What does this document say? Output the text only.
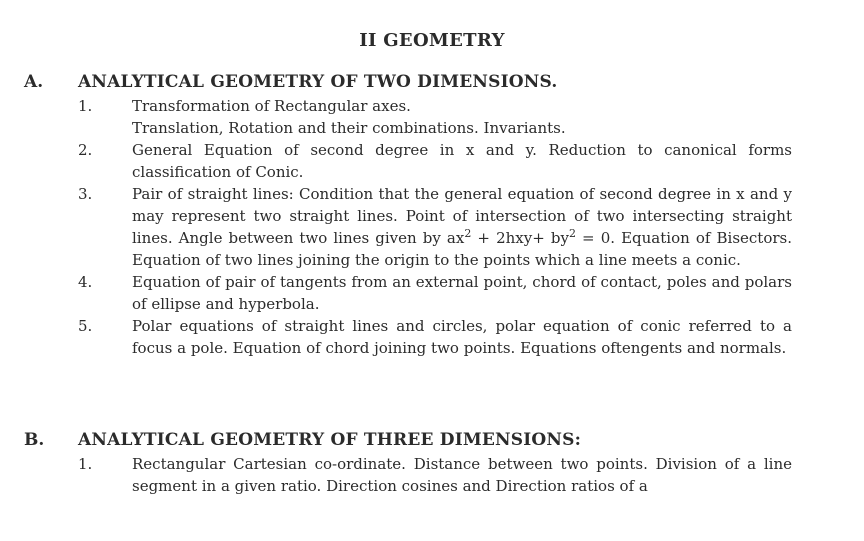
II GEOMETRY
A. ANALYTICAL GEOMETRY OF TWO DIMENSIONS.
1.	Transformation of Rectangular axes.
Translation, Rotation and their combinations. Invariants.
2.	General Equation of second degree in x and y. Reduction to canonical forms classification of Conic.
3.	Pair of straight lines: Condition that the general equation of second degree in x and y may represent two straight lines. Point of intersection of two intersecting straight lines. Angle between two lines given by $ax^2 + 2hxy+ by^2 = 0$. Equation of Bisectors. Equation of two lines joining the origin to the points which a line meets a conic.
4.	Equation of pair of tangents from an external point, chord of contact, poles and polars of ellipse and hyperbola.
5.	Polar equations of straight lines and circles, polar equation of conic referred to a focus a pole. Equation of chord joining two points. Equations oftengents and normals.
B. ANALYTICAL GEOMETRY OF THREE DIMENSIONS:
1.	Rectangular Cartesian co-ordinate. Distance between two points. Division of a line segment in a given ratio. Direction cosines and Direction ratios of a
